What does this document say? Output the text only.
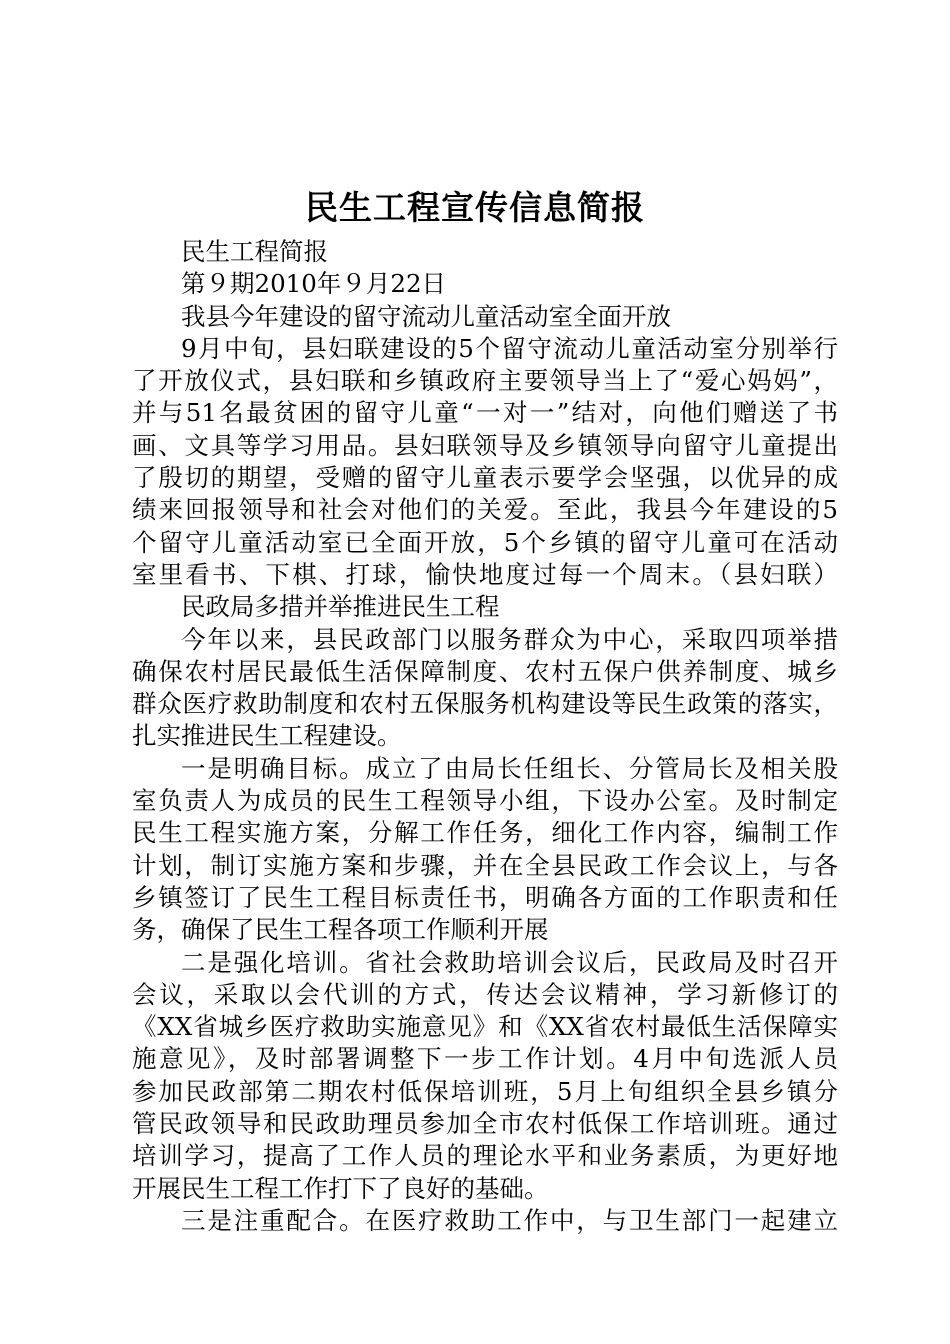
民生工程宣传信息简报
民生工程简报
第９期2010年９月22日
我县今年建设的留守流动儿童活动室全面开放
9月中旬，县妇联建设的5个留守流动儿童活动室分别举行
了开放仪式，县妇联和乡镇政府主要领导当上了“爱心妈妈”，
并与51名最贫困的留守儿童“一对一”结对，向他们赠送了书
画、文具等学习用品。县妇联领导及乡镇领导向留守儿童提出
了殷切的期望，受赠的留守儿童表示要学会坚强，以优异的成
绩来回报领导和社会对他们的关爱。至此，我县今年建设的5
个留守儿童活动室已全面开放，5个乡镇的留守儿童可在活动
室里看书、下棋、打球，愉快地度过每一个周末。（县妇联）
民政局多措并举推进民生工程
今年以来，县民政部门以服务群众为中心，采取四项举措
确保农村居民最低生活保障制度、农村五保户供养制度、城乡
群众医疗救助制度和农村五保服务机构建设等民生政策的落实，
扎实推进民生工程建设。
一是明确目标。成立了由局长任组长、分管局长及相关股
室负责人为成员的民生工程领导小组，下设办公室。及时制定
民生工程实施方案，分解工作任务，细化工作内容，编制工作
计划，制订实施方案和步骤，并在全县民政工作会议上，与各
乡镇签订了民生工程目标责任书，明确各方面的工作职责和任
务，确保了民生工程各项工作顺利开展
二是强化培训。省社会救助培训会议后，民政局及时召开
会议，采取以会代训的方式，传达会议精神，学习新修订的
《XX省城乡医疗救助实施意见》和《XX省农村最低生活保障实
施意见》，及时部署调整下一步工作计划。4月中旬选派人员
参加民政部第二期农村低保培训班，5月上旬组织全县乡镇分
管民政领导和民政助理员参加全市农村低保工作培训班。通过
培训学习，提高了工作人员的理论水平和业务素质，为更好地
开展民生工程工作打下了良好的基础。
三是注重配合。在医疗救助工作中，与卫生部门一起建立
